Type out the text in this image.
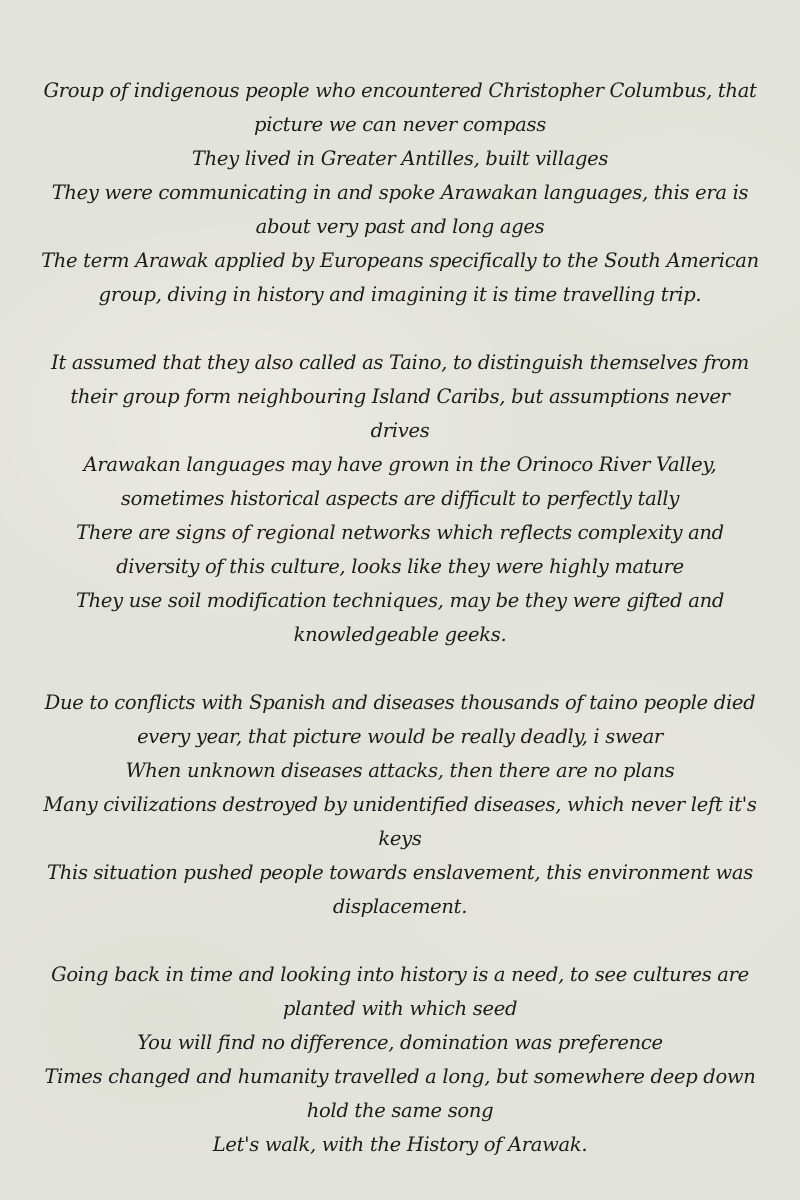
Group of indigenous people who encountered Christopher Columbus, that picture we can never compass
They lived in Greater Antilles, built villages
They were communicating in and spoke Arawakan languages, this era is about very past and long ages
The term Arawak applied by Europeans specifically to the South American group, diving in history and imagining it is time travelling trip.

It assumed that they also called as Taino, to distinguish themselves from their group form neighbouring Island Caribs, but assumptions never drives
Arawakan languages may have grown in the Orinoco River Valley, sometimes historical aspects are difficult to perfectly tally
There are signs of regional networks which reflects complexity and diversity of this culture, looks like they were highly mature
They use soil modification techniques, may be they were gifted and knowledgeable geeks.

Due to conflicts with Spanish and diseases thousands of taino people died every year, that picture would be really deadly, i swear
When unknown diseases attacks, then there are no plans
Many civilizations destroyed by unidentified diseases, which never left it's keys
This situation pushed people towards enslavement, this environment was displacement.

Going back in time and looking into history is a need, to see cultures are planted with which seed
You will find no difference, domination was preference
Times changed and humanity travelled a long, but somewhere deep down hold the same song
Let's walk, with the History of Arawak.
